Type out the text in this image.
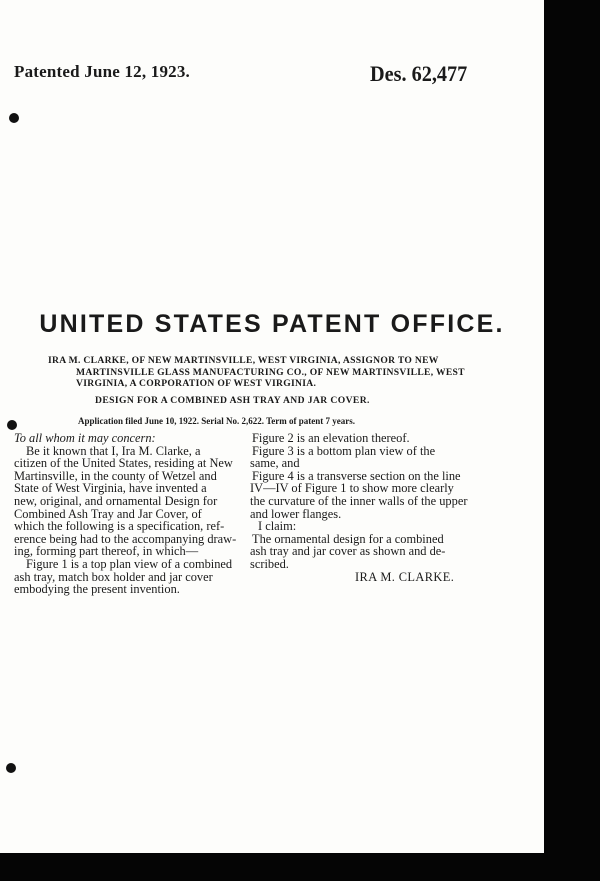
Patented June 12, 1923.	Des. 62,477
UNITED STATES PATENT OFFICE.
IRA M. CLARKE, OF NEW MARTINSVILLE, WEST VIRGINIA, ASSIGNOR TO NEW
MARTINSVILLE GLASS MANUFACTURING CO., OF NEW MARTINSVILLE, WEST
VIRGINIA, A CORPORATION OF WEST VIRGINIA.
DESIGN FOR A COMBINED ASH TRAY AND JAR COVER.
Application filed June 10, 1922. Serial No. 2,622. Term of patent 7 years.
To all whom it may concern:
Be it known that I, Ira M. Clarke, a
citizen of the United States, residing at New
Martinsville, in the county of Wetzel and
State of West Virginia, have invented a
new, original, and ornamental Design for
Combined Ash Tray and Jar Cover, of
which the following is a specification, ref-
erence being had to the accompanying draw-
ing, forming part thereof, in which—
Figure 1 is a top plan view of a combined
ash tray, match box holder and jar cover
embodying the present invention.
Figure 2 is an elevation thereof.
Figure 3 is a bottom plan view of the
same, and
Figure 4 is a transverse section on the line
IV—IV of Figure 1 to show more clearly
the curvature of the inner walls of the upper
and lower flanges.
I claim:
The ornamental design for a combined
ash tray and jar cover as shown and de-
scribed.
IRA M. CLARKE.
